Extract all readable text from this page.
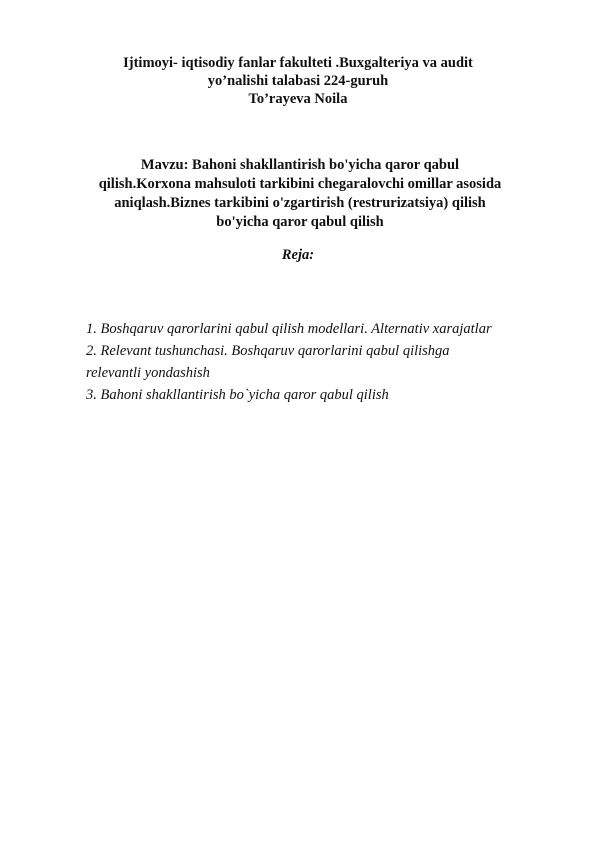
Ijtimoyi- iqtisodiy fanlar fakulteti .Buxgalteriya va audit
yo’nalishi talabasi 224-guruh
To’rayeva Noila
Mavzu: Bahoni shakllantirish bo'yicha qaror qabul
qilish.Korxona mahsuloti tarkibini chegaralovchi omillar asosida
aniqlash.Biznes tarkibini o'zgartirish (restrurizatsiya) qilish
bo'yicha qaror qabul qilish
Reja:
1. Boshqaruv qarorlarini qabul qilish modellari. Alternativ xarajatlar
2. Relevant tushunchasi. Boshqaruv qarorlarini qabul qilishga
relevantli yondashish
3. Bahoni shakllantirish bo`yicha qaror qabul qilish
